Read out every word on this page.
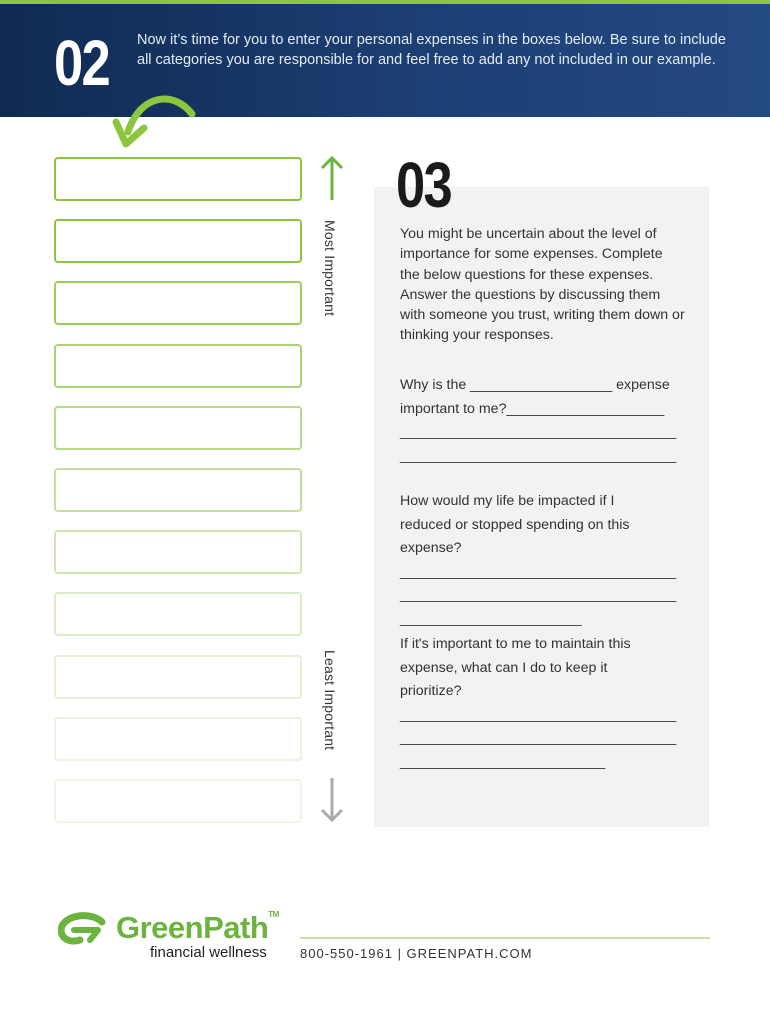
02 Now it’s time for you to enter your personal expenses in the boxes below. Be sure to include all categories you are responsible for and feel free to add any not included in our example.
Most Important
Least Important
03
You might be uncertain about the level of importance for some expenses. Complete the below questions for these expenses. Answer the questions by discussing them with someone you trust, writing them down or thinking your responses.
Why is the __________________ expense
important to me?____________________
___________________________________
___________________________________
How would my life be impacted if I
reduced or stopped spending on this
expense?
___________________________________
___________________________________
_______________________
If it's important to me to maintain this
expense, what can I do to keep it
prioritize?
___________________________________
___________________________________
__________________________
GreenPath™
financial wellness	800-550-1961 | GREENPATH.COM
